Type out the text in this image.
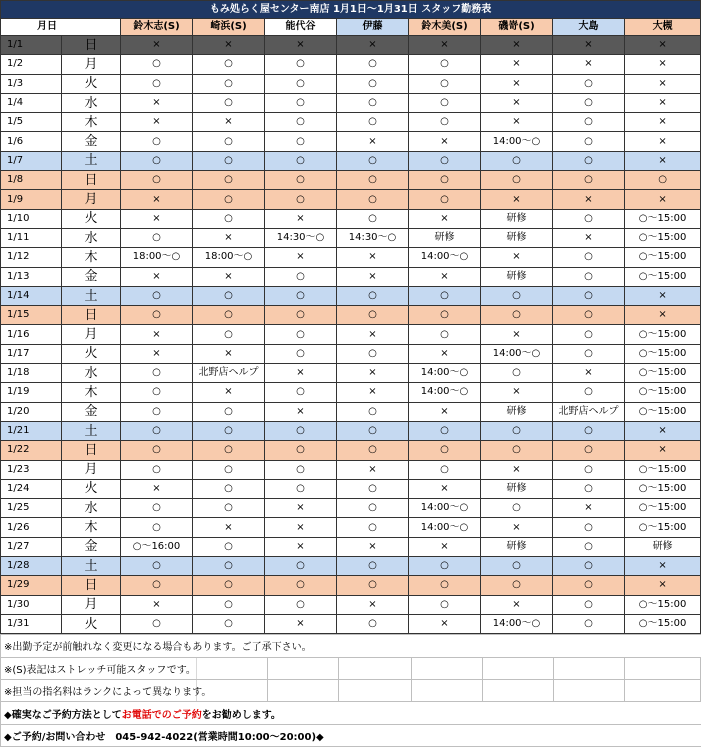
もみ処らく屋センター南店 1月1日～1月31日 スタッフ勤務表								
月日	鈴木志(S)	崎浜(S)	能代谷	伊藤	鈴木美(S)	磯嵜(S)	大島	大槻
1/1 日	×	×	×	×	×	×	×	×
1/2 月	○	○	○	○	○	×	×	×
1/3 火	○	○	○	○	○	×	○	×
1/4 水	×	○	○	○	○	×	○	×
1/5 木	×	×	○	○	○	×	○	×
1/6 金	○	○	○	×	×	14:00～○	○	×
1/7 土	○	○	○	○	○	○	○	×
1/8 日	○	○	○	○	○	○	○	○
1/9 月	×	○	○	○	○	×	×	×
1/10 火	×	○	×	○	×	研修	○	○～15:00
1/11 水	○	×	14:30～○	14:30～○	研修	研修	×	○～15:00
1/12 木	18:00～○	18:00～○	×	×	14:00～○	×	○	○～15:00
1/13 金	×	×	○	×	×	研修	○	○～15:00
1/14 土	○	○	○	○	○	○	○	×
1/15 日	○	○	○	○	○	○	○	×
1/16 月	×	○	○	×	○	×	○	○～15:00
1/17 火	×	×	○	○	×	14:00～○	○	○～15:00
1/18 水	○	北野店ヘルプ	×	×	14:00～○	○	×	○～15:00
1/19 木	○	×	○	×	14:00～○	×	○	○～15:00
1/20 金	○	○	×	○	×	研修	北野店ヘルプ	○～15:00
1/21 土	○	○	○	○	○	○	○	×
1/22 日	○	○	○	○	○	○	○	×
1/23 月	○	○	○	×	○	×	○	○～15:00
1/24 火	×	○	○	○	×	研修	○	○～15:00
1/25 水	○	○	×	○	14:00～○	○	×	○～15:00
1/26 木	○	×	×	○	14:00～○	×	○	○～15:00
1/27 金	○～16:00	○	×	×	×	研修	○	研修
1/28 土	○	○	○	○	○	○	○	×
1/29 日	○	○	○	○	○	○	○	×
1/30 月	×	○	○	×	○	×	○	○～15:00
1/31 火	○	○	×	○	×	14:00～○	○	○～15:00
※出勤予定が前触れなく変更になる場合もあります。ご了承下さい。							
※(S)表記はストレッチ可能スタッフです。							
※担当の指名料はランクによって異なります。							
◆確実なご予約方法としてお電話でのご予約をお勧めします。							
◆ご予約/お問い合わせ　045-942-4022(営業時間10:00～20:00)◆							
